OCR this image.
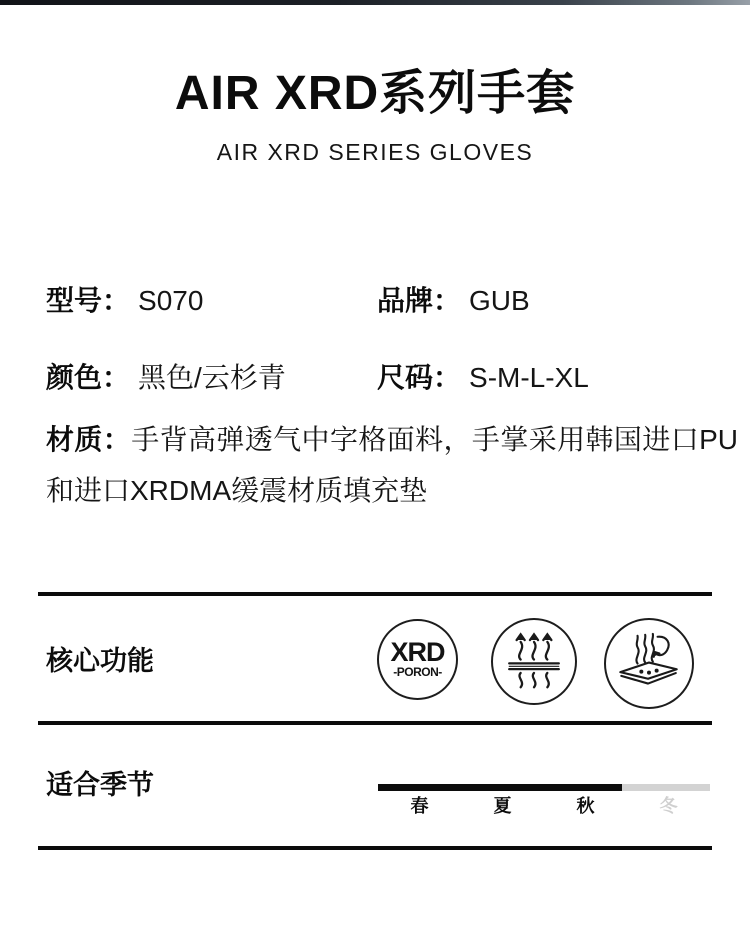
AIR XRD系列手套
AIR XRD SERIES GLOVES
型号： S070	品牌： GUB
颜色： 黑色/云杉青	尺码： S-M-L-XL
材质：手背高弹透气中字格面料，手掌采用韩国进口PU和进口XRDMA缓震材质填充垫
核心功能	XRD
-PORON-
适合季节
春	夏	秋	冬
